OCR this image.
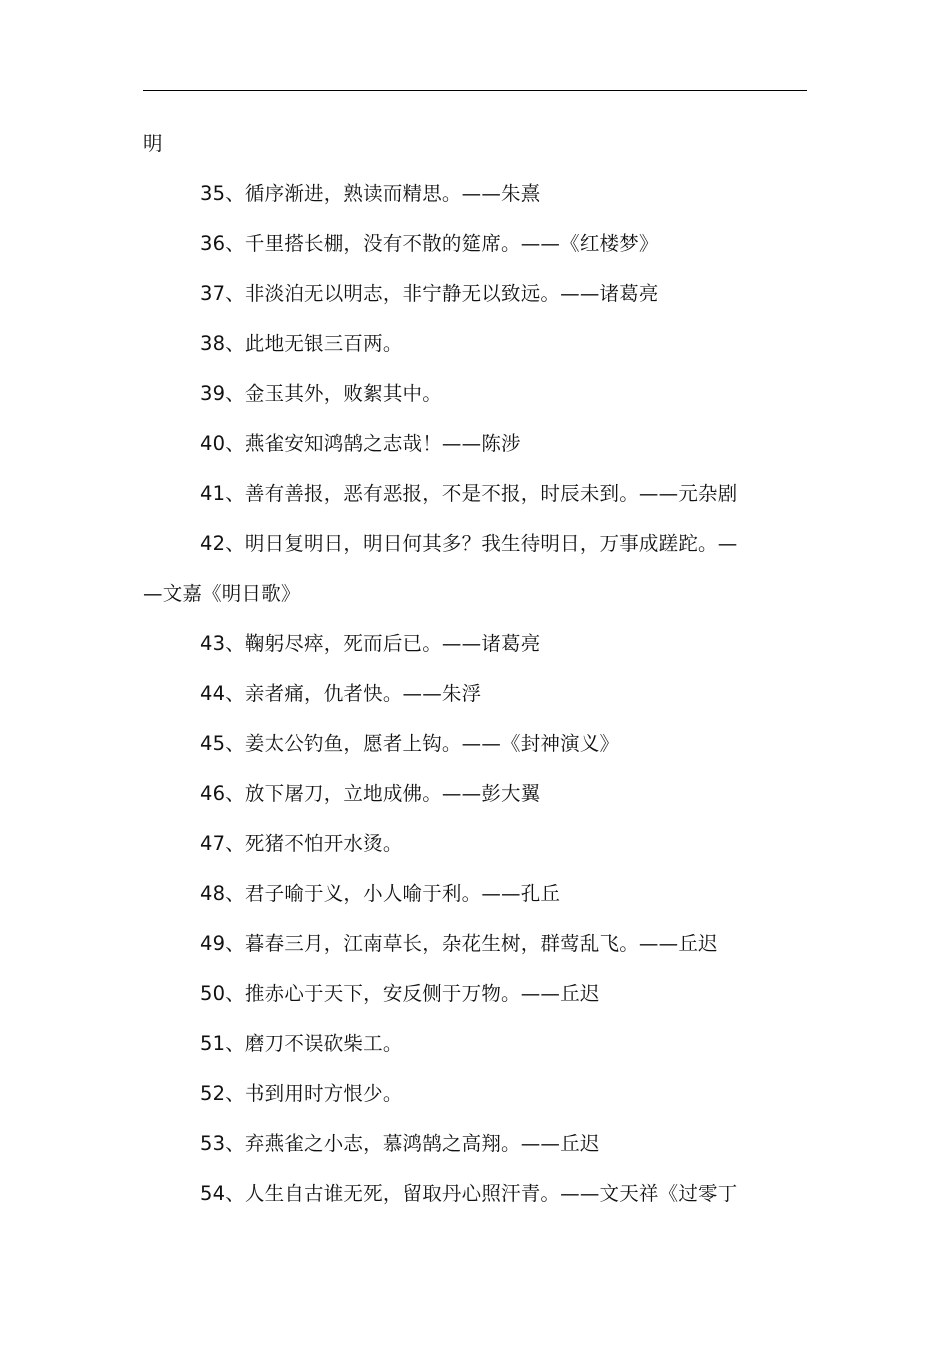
明
35、循序渐进，熟读而精思。——朱熹
36、千里搭长棚，没有不散的筵席。——《红楼梦》
37、非淡泊无以明志，非宁静无以致远。——诸葛亮
38、此地无银三百两。
39、金玉其外，败絮其中。
40、燕雀安知鸿鹄之志哉！——陈涉
41、善有善报，恶有恶报，不是不报，时辰未到。——元杂剧
42、明日复明日，明日何其多？我生待明日，万事成蹉跎。—
—文嘉《明日歌》
43、鞠躬尽瘁，死而后已。——诸葛亮
44、亲者痛，仇者快。——朱浮
45、姜太公钓鱼，愿者上钩。——《封神演义》
46、放下屠刀，立地成佛。——彭大翼
47、死猪不怕开水烫。
48、君子喻于义，小人喻于利。——孔丘
49、暮春三月，江南草长，杂花生树，群莺乱飞。——丘迟
50、推赤心于天下，安反侧于万物。——丘迟
51、磨刀不误砍柴工。
52、书到用时方恨少。
53、弃燕雀之小志，慕鸿鹄之高翔。——丘迟
54、人生自古谁无死，留取丹心照汗青。——文天祥《过零丁
